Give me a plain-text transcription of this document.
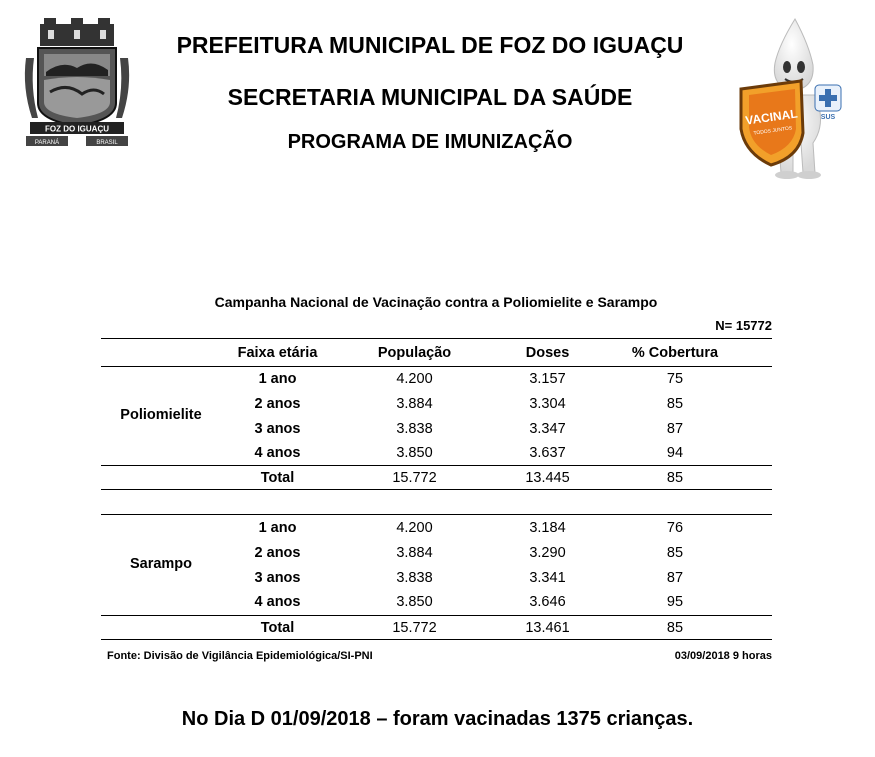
FOZ DO IGUAÇU
PARANÁ	BRASIL
PREFEITURA MUNICIPAL DE FOZ DO IGUAÇU
SECRETARIA MUNICIPAL DA SAÚDE
PROGRAMA DE IMUNIZAÇÃO
VACINAL
TODOS JUNTOS
SUS
Campanha Nacional de Vacinação contra a Poliomielite e Sarampo
N= 15772
Faixa etária	População	Doses	% Cobertura
Poliomielite
1 ano	4.200	3.157	75
2 anos	3.884	3.304	85
3 anos	3.838	3.347	87
4 anos	3.850	3.637	94
Total	15.772	13.445	85
Sarampo
1 ano	4.200	3.184	76
2 anos	3.884	3.290	85
3 anos	3.838	3.341	87
4 anos	3.850	3.646	95
Total	15.772	13.461	85
Fonte: Divisão de Vigilância Epidemiológica/SI-PNI	03/09/2018 9 horas
No Dia D 01/09/2018 – foram vacinadas 1375 crianças.
